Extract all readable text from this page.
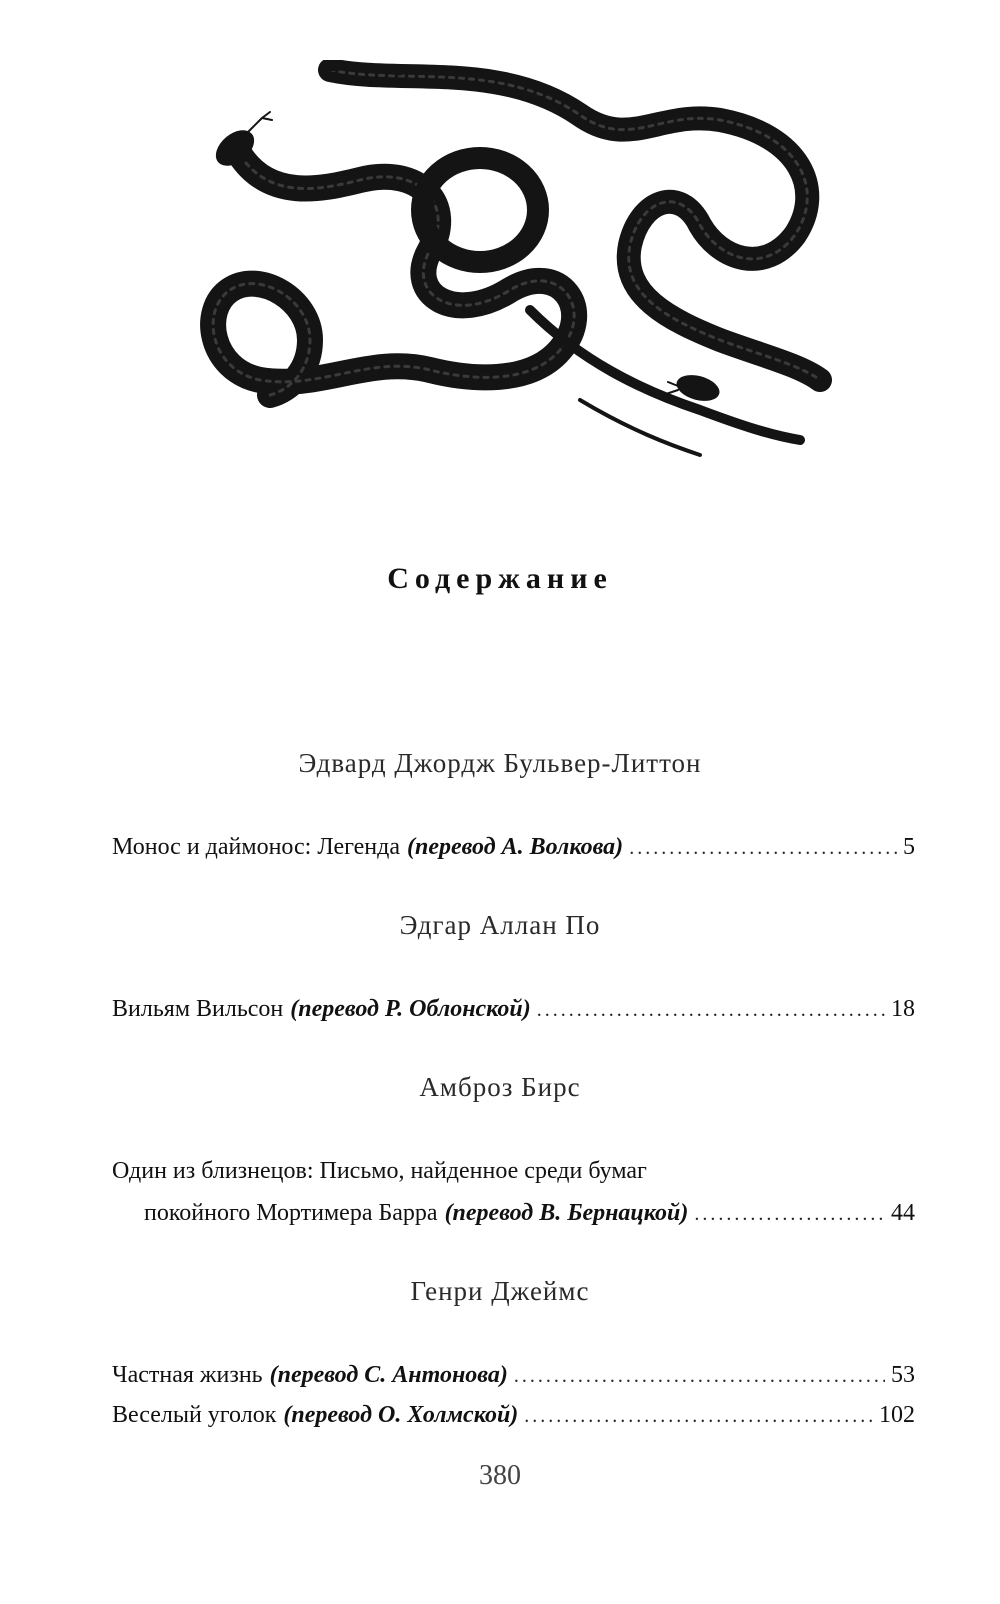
Содержание
Эдвард Джордж Бульвер-Литтон
Монос и даймонос: Легенда (перевод А. Волкова) . . .	5
Эдгар Аллан По
Вильям Вильсон (перевод Р. Облонской) . . .	18
Амброз Бирс
Один из близнецов: Письмо, найденное среди бумаг
покойного Мортимера Барра (перевод В. Бернацкой) . . .	44
Генри Джеймс
Частная жизнь (перевод С. Антонова) . . .	53
Веселый уголок (перевод О. Холмской) . . .	102
380
